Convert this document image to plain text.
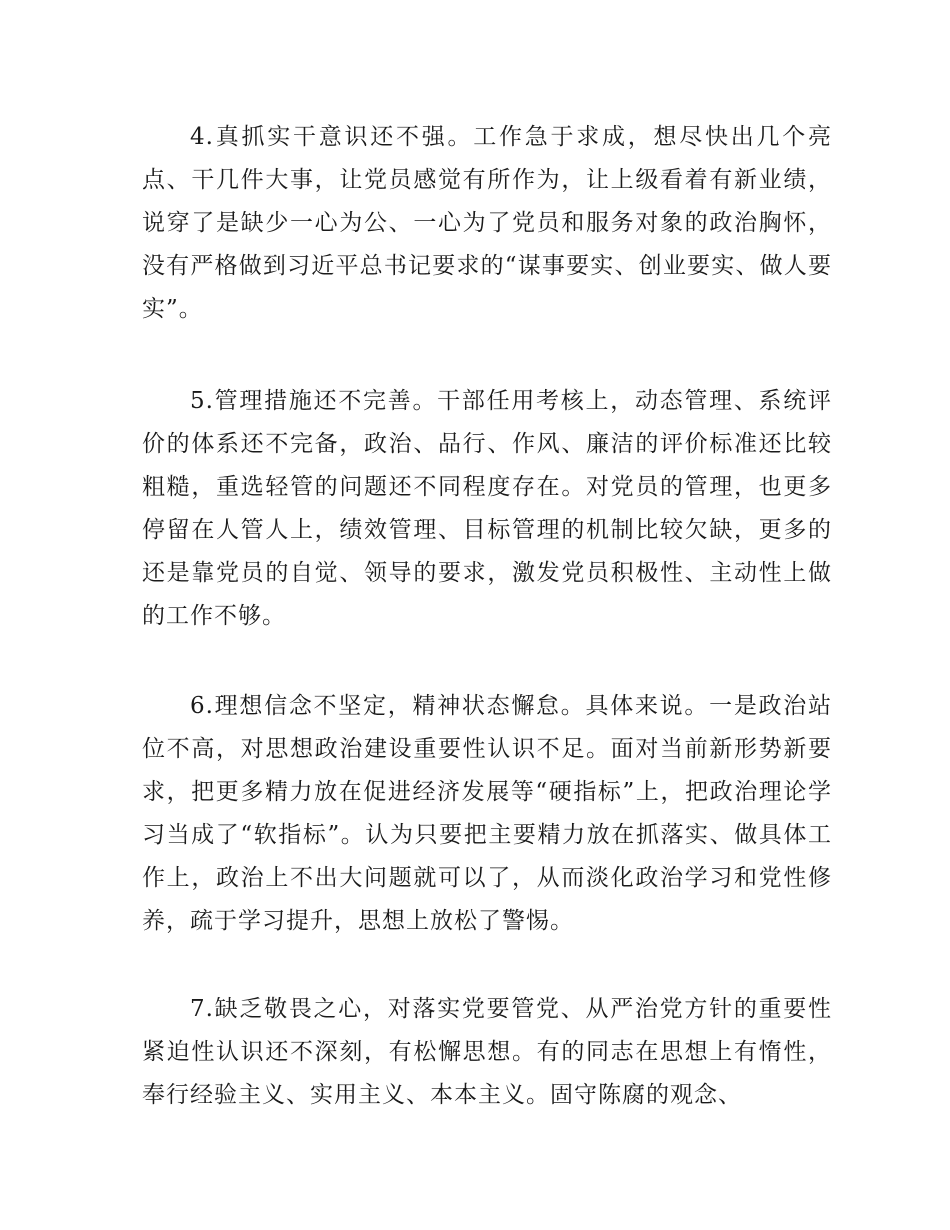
4.真抓实干意识还不强。工作急于求成，想尽快出几个亮点、干几件大事，让党员感觉有所作为，让上级看着有新业绩，说穿了是缺少一心为公、一心为了党员和服务对象的政治胸怀，没有严格做到习近平总书记要求的“谋事要实、创业要实、做人要实”。

5.管理措施还不完善。干部任用考核上，动态管理、系统评价的体系还不完备，政治、品行、作风、廉洁的评价标准还比较粗糙，重选轻管的问题还不同程度存在。对党员的管理，也更多停留在人管人上，绩效管理、目标管理的机制比较欠缺，更多的还是靠党员的自觉、领导的要求，激发党员积极性、主动性上做的工作不够。

6.理想信念不坚定，精神状态懈怠。具体来说。一是政治站位不高，对思想政治建设重要性认识不足。面对当前新形势新要求，把更多精力放在促进经济发展等“硬指标”上，把政治理论学习当成了“软指标”。认为只要把主要精力放在抓落实、做具体工作上，政治上不出大问题就可以了，从而淡化政治学习和党性修养，疏于学习提升，思想上放松了警惕。

7.缺乏敬畏之心，对落实党要管党、从严治党方针的重要性紧迫性认识还不深刻，有松懈思想。有的同志在思想上有惰性，奉行经验主义、实用主义、本本主义。固守陈腐的观念、
